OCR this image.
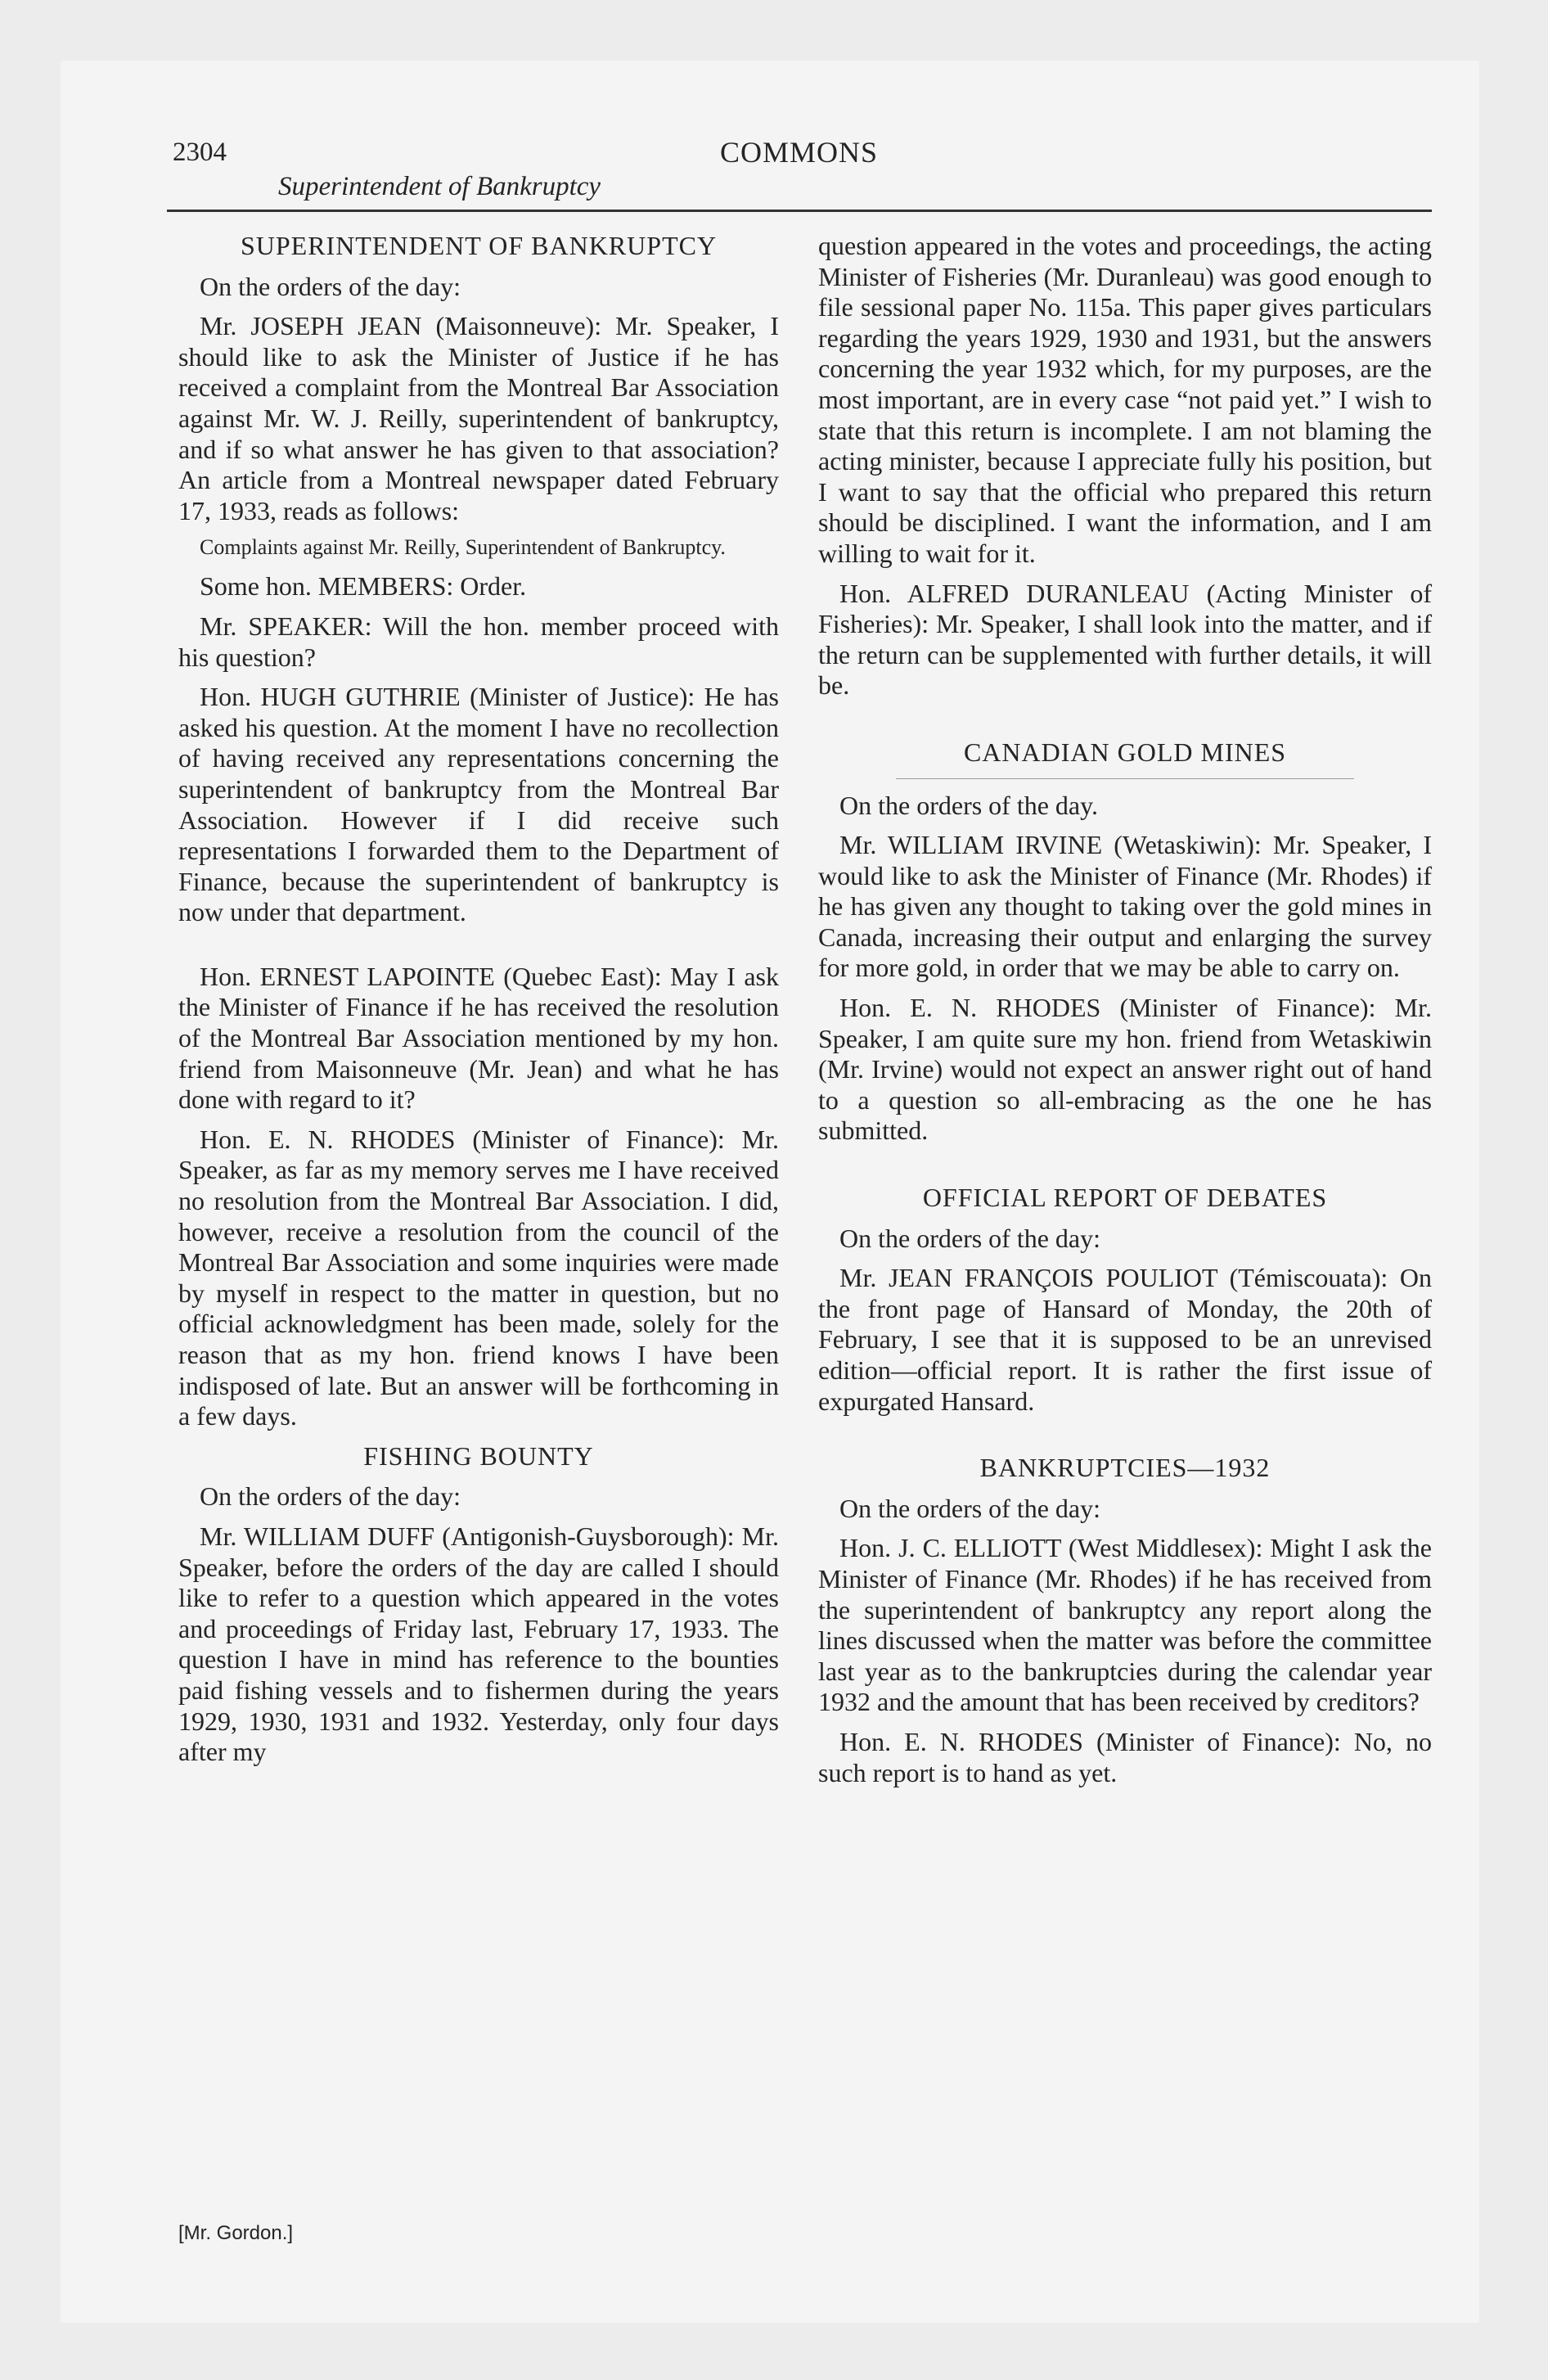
2304	COMMONS
Superintendent of Bankruptcy
SUPERINTENDENT OF BANKRUPTCY

On the orders of the day:

Mr. JOSEPH JEAN (Maisonneuve): Mr. Speaker, I should like to ask the Minister of Justice if he has received a complaint from the Montreal Bar Association against Mr. W. J. Reilly, superintendent of bankruptcy, and if so what answer he has given to that association? An article from a Montreal newspaper dated February 17, 1933, reads as follows:

Complaints against Mr. Reilly, Superintendent of Bankruptcy.

Some hon. MEMBERS: Order.

Mr. SPEAKER: Will the hon. member proceed with his question?

Hon. HUGH GUTHRIE (Minister of Justice): He has asked his question. At the moment I have no recollection of having received any representations concerning the superintendent of bankruptcy from the Montreal Bar Association. However if I did receive such representations I forwarded them to the Department of Finance, because the superintendent of bankruptcy is now under that department.

Hon. ERNEST LAPOINTE (Quebec East): May I ask the Minister of Finance if he has received the resolution of the Montreal Bar Association mentioned by my hon. friend from Maisonneuve (Mr. Jean) and what he has done with regard to it?

Hon. E. N. RHODES (Minister of Finance): Mr. Speaker, as far as my memory serves me I have received no resolution from the Montreal Bar Association. I did, however, receive a resolution from the council of the Montreal Bar Association and some inquiries were made by myself in respect to the matter in question, but no official acknowledgment has been made, solely for the reason that as my hon. friend knows I have been indisposed of late. But an answer will be forthcoming in a few days.

FISHING BOUNTY

On the orders of the day:

Mr. WILLIAM DUFF (Antigonish-Guysborough): Mr. Speaker, before the orders of the day are called I should like to refer to a question which appeared in the votes and proceedings of Friday last, February 17, 1933. The question I have in mind has reference to the bounties paid fishing vessels and to fishermen during the years 1929, 1930, 1931 and 1932. Yesterday, only four days after my

question appeared in the votes and proceedings, the acting Minister of Fisheries (Mr. Duranleau) was good enough to file sessional paper No. 115a. This paper gives particulars regarding the years 1929, 1930 and 1931, but the answers concerning the year 1932 which, for my purposes, are the most important, are in every case “not paid yet.” I wish to state that this return is incomplete. I am not blaming the acting minister, because I appreciate fully his position, but I want to say that the official who prepared this return should be disciplined. I want the information, and I am willing to wait for it.

Hon. ALFRED DURANLEAU (Acting Minister of Fisheries): Mr. Speaker, I shall look into the matter, and if the return can be supplemented with further details, it will be.

CANADIAN GOLD MINES

On the orders of the day.

Mr. WILLIAM IRVINE (Wetaskiwin): Mr. Speaker, I would like to ask the Minister of Finance (Mr. Rhodes) if he has given any thought to taking over the gold mines in Canada, increasing their output and enlarging the survey for more gold, in order that we may be able to carry on.

Hon. E. N. RHODES (Minister of Finance): Mr. Speaker, I am quite sure my hon. friend from Wetaskiwin (Mr. Irvine) would not expect an answer right out of hand to a question so all-embracing as the one he has submitted.

OFFICIAL REPORT OF DEBATES

On the orders of the day:

Mr. JEAN FRANÇOIS POULIOT (Témiscouata): On the front page of Hansard of Monday, the 20th of February, I see that it is supposed to be an unrevised edition—official report. It is rather the first issue of expurgated Hansard.

BANKRUPTCIES—1932

On the orders of the day:

Hon. J. C. ELLIOTT (West Middlesex): Might I ask the Minister of Finance (Mr. Rhodes) if he has received from the superintendent of bankruptcy any report along the lines discussed when the matter was before the committee last year as to the bankruptcies during the calendar year 1932 and the amount that has been received by creditors?

Hon. E. N. RHODES (Minister of Finance): No, no such report is to hand as yet.

[Mr. Gordon.]
